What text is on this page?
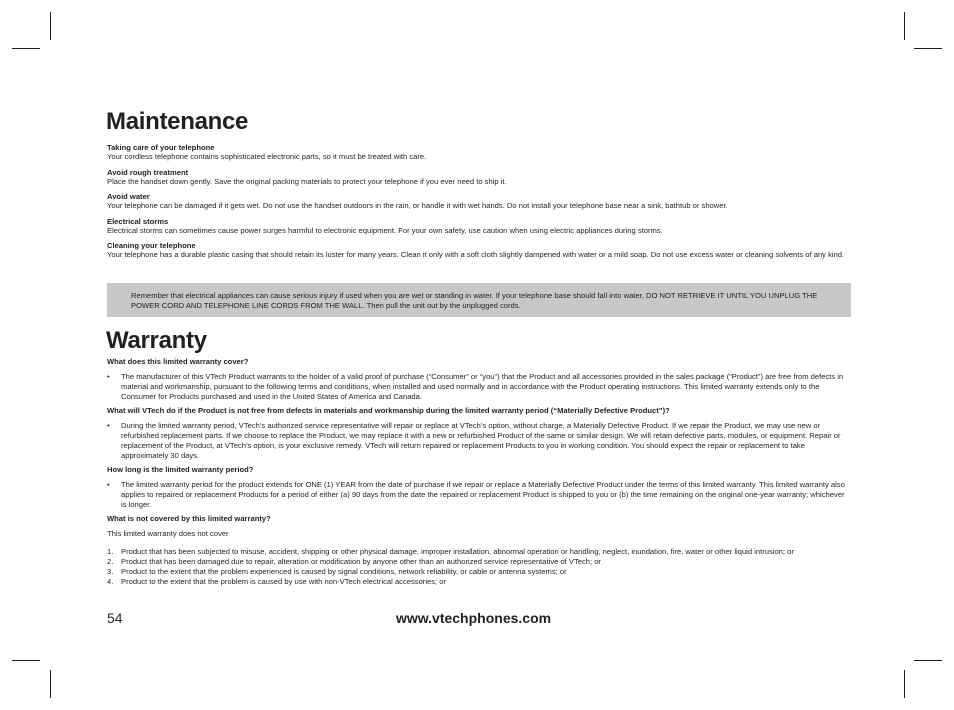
Maintenance

Taking care of your telephone

Your cordless telephone contains sophisticated electronic parts, so it must be treated with care.

Avoid rough treatment

Place the handset down gently. Save the original packing materials to protect your telephone if you ever need to ship it.

Avoid water

Your telephone can be damaged if it gets wet. Do not use the handset outdoors in the rain, or handle it with wet hands. Do not install your telephone base near a sink, bathtub or shower.

Electrical storms

Electrical storms can sometimes cause power surges harmful to electronic equipment. For your own safety, use caution when using electric appliances during storms.

Cleaning your telephone

Your telephone has a durable plastic casing that should retain its luster for many years. Clean it only with a soft cloth slightly dampened with water or a mild soap. Do not use excess water or cleaning solvents of any kind.

Remember that electrical appliances can cause serious injury if used when you are wet or standing in water. If your telephone base should fall into water, DO NOT RETRIEVE IT UNTIL YOU UNPLUG THE POWER CORD AND TELEPHONE LINE CORDS FROM THE WALL. Then pull the unit out by the unplugged cords.
Warranty

What does this limited warranty cover?

• The manufacturer of this VTech Product warrants to the holder of a valid proof of purchase (“Consumer” or “you”) that the Product and all accessories provided in the sales package (“Product”) are free from defects in material and workmanship, pursuant to the following terms and conditions, when installed and used normally and in accordance with the Product operating instructions. This limited warranty extends only to the Consumer for Products purchased and used in the United States of America and Canada.

What will VTech do if the Product is not free from defects in materials and workmanship during the limited warranty period (“Materially Defective Product”)?

• During the limited warranty period, VTech’s authorized service representative will repair or replace at VTech’s option, without charge, a Materially Defective Product. If we repair the Product, we may use new or refurbished replacement parts. If we choose to replace the Product, we may replace it with a new or refurbished Product of the same or similar design. We will retain defective parts, modules, or equipment. Repair or replacement of the Product, at VTech’s option, is your exclusive remedy. VTech will return repaired or replacement Products to you in working condition. You should expect the repair or replacement to take approximately 30 days.

How long is the limited warranty period?

• The limited warranty period for the product extends for ONE (1) YEAR from the date of purchase if we repair or replace a Materially Defective Product under the terms of this limited warranty. This limited warranty also applies to repaired or replacement Products for a period of either (a) 90 days from the date the repaired or replacement Product is shipped to you or (b) the time remaining on the original one-year warranty; whichever is longer.

What is not covered by this limited warranty?

This limited warranty does not cover

1. Product that has been subjected to misuse, accident, shipping or other physical damage, improper installation, abnormal operation or handling, neglect, inundation, fire, water or other liquid intrusion; or
2. Product that has been damaged due to repair, alteration or modification by anyone other than an authorized service representative of VTech; or
3. Product to the extent that the problem experienced is caused by signal conditions, network reliability, or cable or antenna systems; or
4. Product to the extent that the problem is caused by use with non-VTech electrical accessories; or
54	www.vtechphones.com
